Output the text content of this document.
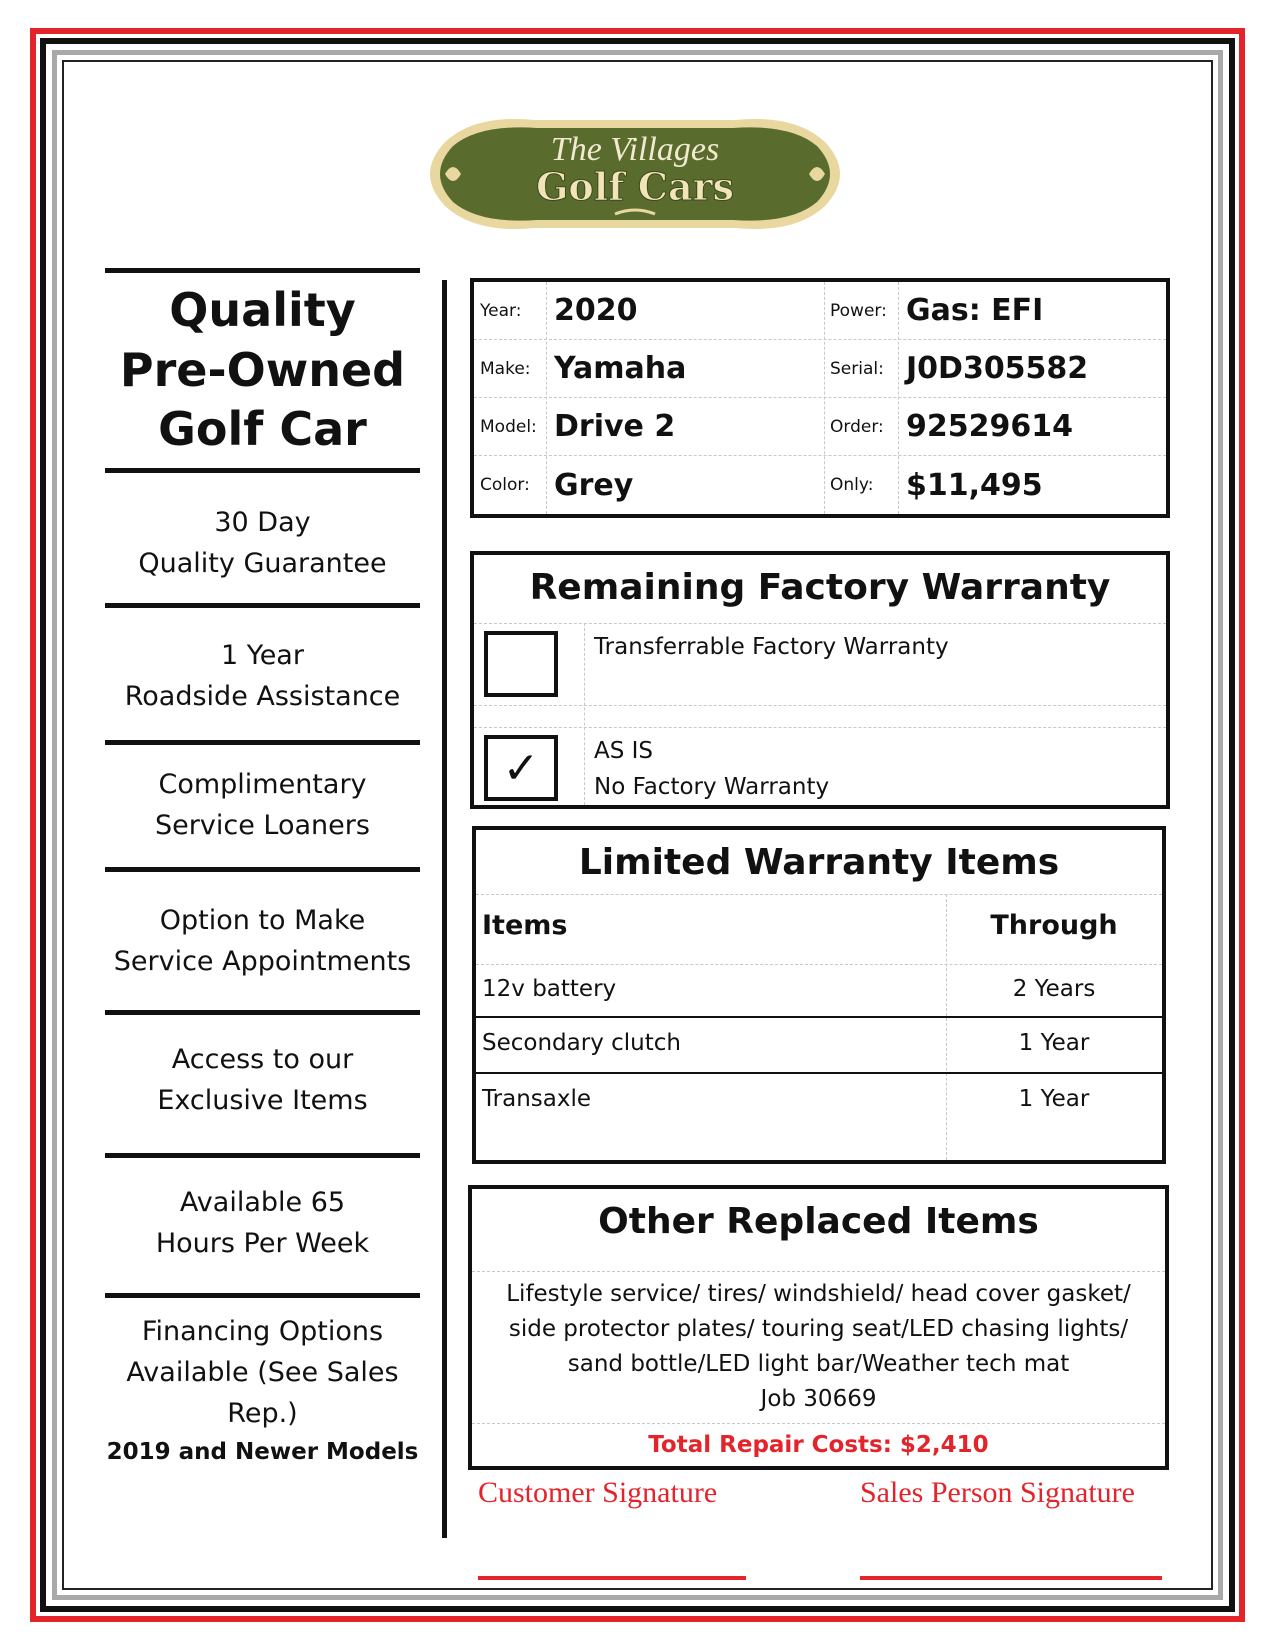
The Villages
Golf Cars
Quality
Pre-Owned
Golf Car
30 Day
Quality Guarantee
1 Year
Roadside Assistance
Complimentary
Service Loaners
Option to Make
Service Appointments
Access to our
Exclusive Items
Available 65
Hours Per Week
Financing Options
Available (See Sales Rep.)
2019 and Newer Models
Year: 2020	Power: Gas: EFI
Make: Yamaha	Serial: J0D305582
Model: Drive 2	Order: 92529614
Color: Grey	Only: $11,495
Remaining Factory Warranty
Transferrable Factory Warranty
✓ AS IS
No Factory Warranty
Limited Warranty Items
Items	Through
12v battery	2 Years
Secondary clutch	1 Year
Transaxle	1 Year
Other Replaced Items
Lifestyle service/ tires/ windshield/ head cover gasket/
side protector plates/ touring seat/LED chasing lights/
sand bottle/LED light bar/Weather tech mat
Job 30669
Total Repair Costs: $2,410
Customer Signature	Sales Person Signature
